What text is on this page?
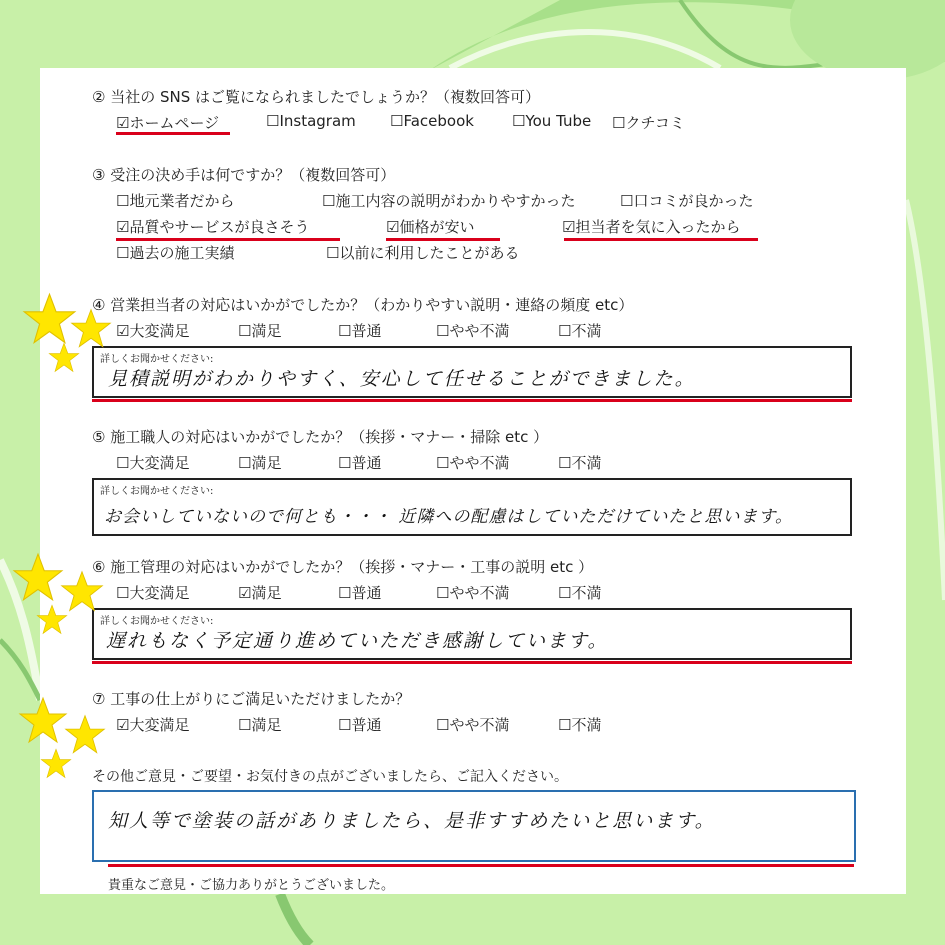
② 当社の SNS はご覧になられましたでしょうか？（複数回答可）
☑ホームページ	☐Instagram ☐Facebook	☐You Tube ☐クチコミ
③ 受注の決め手は何ですか？（複数回答可）
☐地元業者だから	☐施工内容の説明がわかりやすかった	☐口コミが良かった
☑品質やサービスが良さそう	☑価格が安い	☑担当者を気に入ったから
☐過去の施工実績	☐以前に利用したことがある
④ 営業担当者の対応はいかがでしたか？（わかりやすい説明・連絡の頻度 etc）
☑大変満足	☐満足	☐普通	☐やや不満	☐不満
詳しくお聞かせください:
見積説明がわかりやすく、安心して任せることができました。
⑤ 施工職人の対応はいかがでしたか？（挨拶・マナー・掃除 etc ）
☐大変満足	☐満足	☐普通	☐やや不満	☐不満
詳しくお聞かせください:
お会いしていないので何とも・・・ 近隣への配慮はしていただけていたと思います。
⑥ 施工管理の対応はいかがでしたか？（挨拶・マナー・工事の説明 etc ）
☐大変満足	☑満足	☐普通	☐やや不満	☐不満
詳しくお聞かせください:
遅れもなく予定通り進めていただき感謝しています。
⑦ 工事の仕上がりにご満足いただけましたか？
☑大変満足	☐満足	☐普通	☐やや不満	☐不満
その他ご意見・ご要望・お気付きの点がございましたら、ご記入ください。
知人等で塗装の話がありましたら、是非すすめたいと思います。
貴重なご意見・ご協力ありがとうございました。
